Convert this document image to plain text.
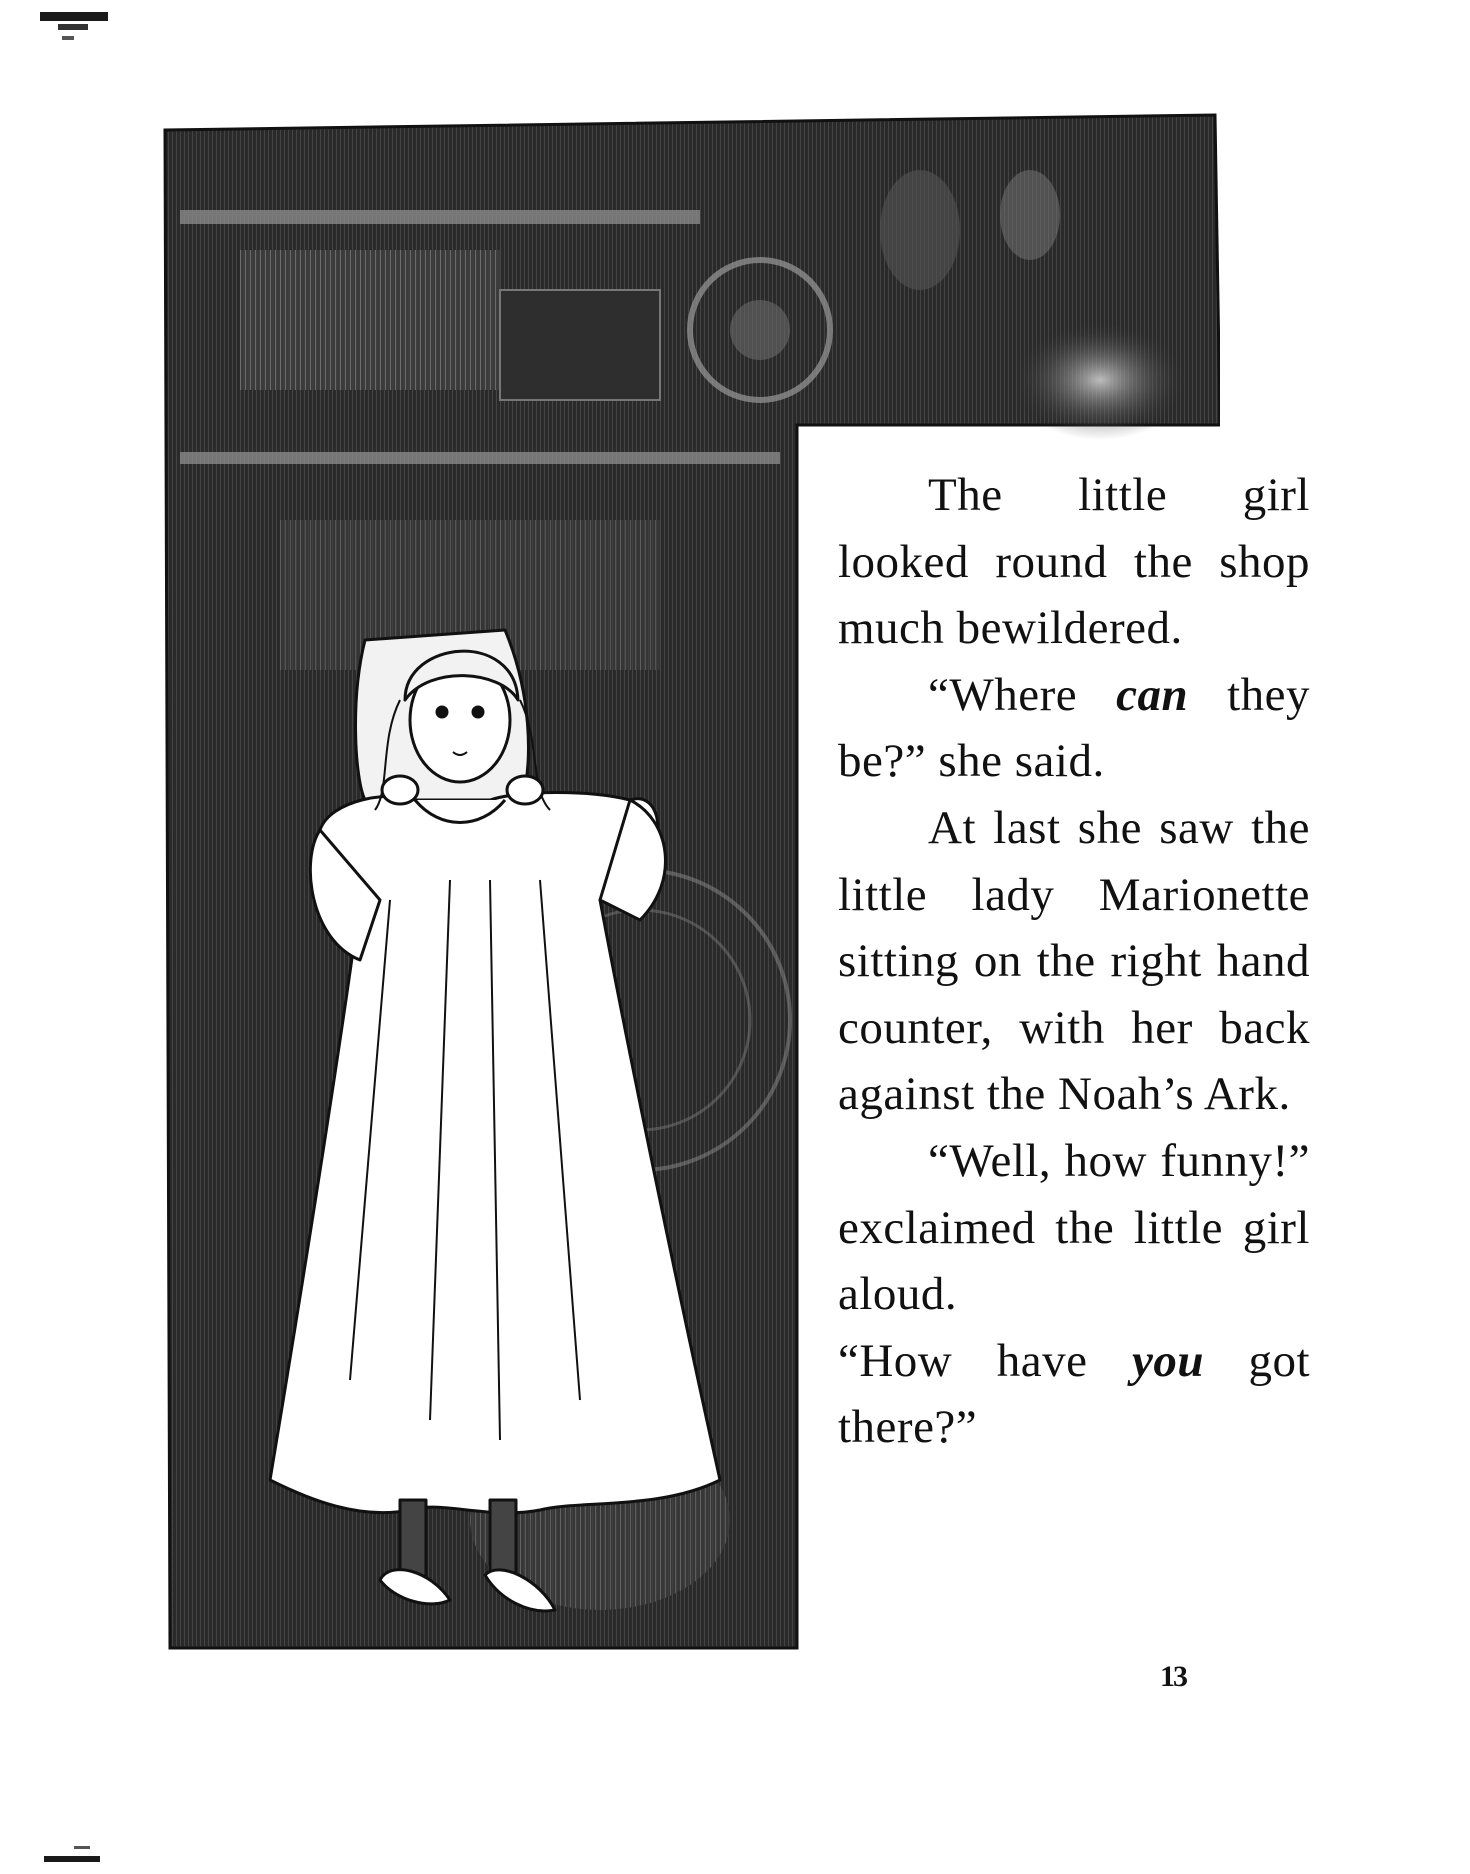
The little girl looked round the shop much bewildered.

“Where can they be?” she said.

At last she saw the little lady Marionette sitting on the right hand counter, with her back against the Noah’s Ark.

“Well, how funny!” exclaimed the little girl aloud.

“How have you got there?”

13
